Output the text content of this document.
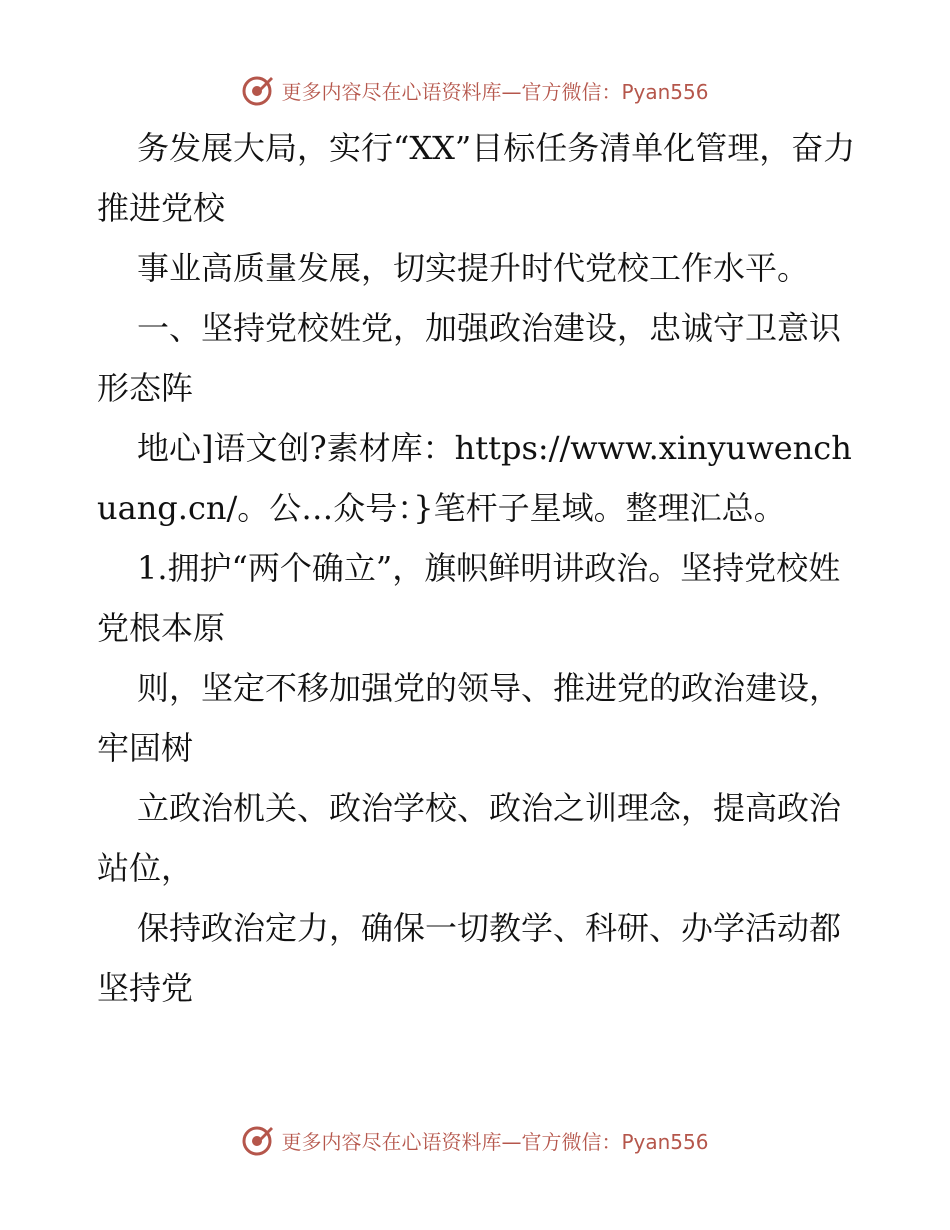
更多内容尽在心语资料库—官方微信：Pyan556

务发展大局，实行“XX”目标任务清单化管理，奋力推进党校

事业高质量发展，切实提升时代党校工作水平。

一、坚持党校姓党，加强政治建设，忠诚守卫意识形态阵

地心]语文创?素材库：https://www.xinyuwenchuang.cn/。公…众号：}笔杆子星域。整理汇总。

1.拥护“两个确立”，旗帜鲜明讲政治。坚持党校姓党根本原

则，坚定不移加强党的领导、推进党的政治建设，牢固树

立政治机关、政治学校、政治之训理念，提高政治站位，

保持政治定力，确保一切教学、科研、办学活动都坚持党

更多内容尽在心语资料库—官方微信：Pyan556
